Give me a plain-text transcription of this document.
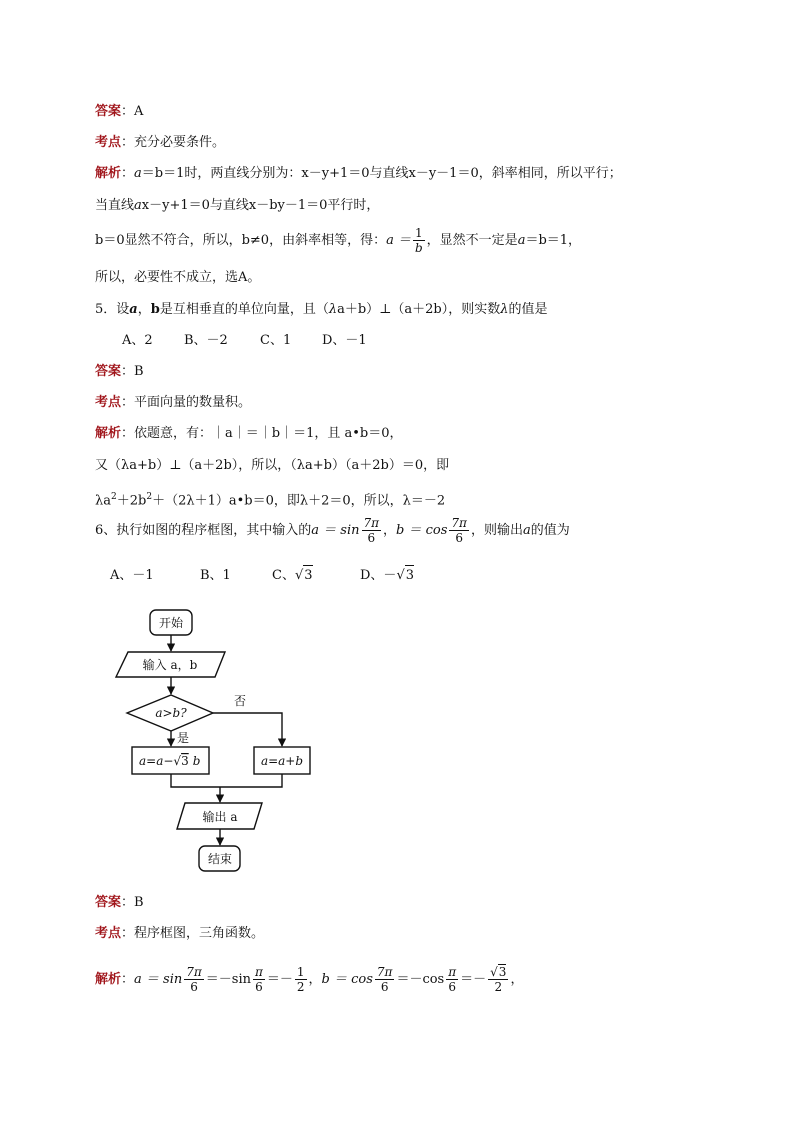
答案：A
考点：充分必要条件。
解析：a＝b＝1时，两直线分别为：x－y+1＝0与直线x－y－1＝0，斜率相同，所以平行；
当直线ax－y+1＝0与直线x－by－1＝0平行时，
b＝0显然不符合，所以，b≠0，由斜率相等，得：$a = \frac{1}{b}$ ，显然不一定是a＝b＝1，
所以，必要性不成立，选A。
5．设a，b是互相垂直的单位向量，且（λa＋b）⊥（a＋2b），则实数λ的值是
A、2 B、－2 C、1 D、－1
答案：B
考点：平面向量的数量积。
解析：依题意，有：｜a｜＝｜b｜＝1，且 a•b＝0，
又（λa+b）⊥（a＋2b），所以，（λa+b）（a＋2b）＝0，即
$\lambda a^2+2b^2+(2\lambda+1)a•b=0$，即λ＋2＝0，所以，λ＝－2
6、执行如图的程序框图，其中输入的$a = \sin \frac{7\pi}{6}$ ，$b = \cos \frac{7\pi}{6}$ ，则输出a的值为
A、－1	B、1	C、√3	D、－√3
开始
输入 a，b
a>b?
否
是
a=a−√3 b	a=a+b
输出 a
结束
答案：B
考点：程序框图，三角函数。
解析：$a = \sin \frac{7\pi}{6} =-\sin \frac{\pi}{6} =- \frac{1}{2}$ ，$b = \cos \frac{7\pi}{6} =-\cos \frac{\pi}{6} =- \frac{√3}{2}$ ，
